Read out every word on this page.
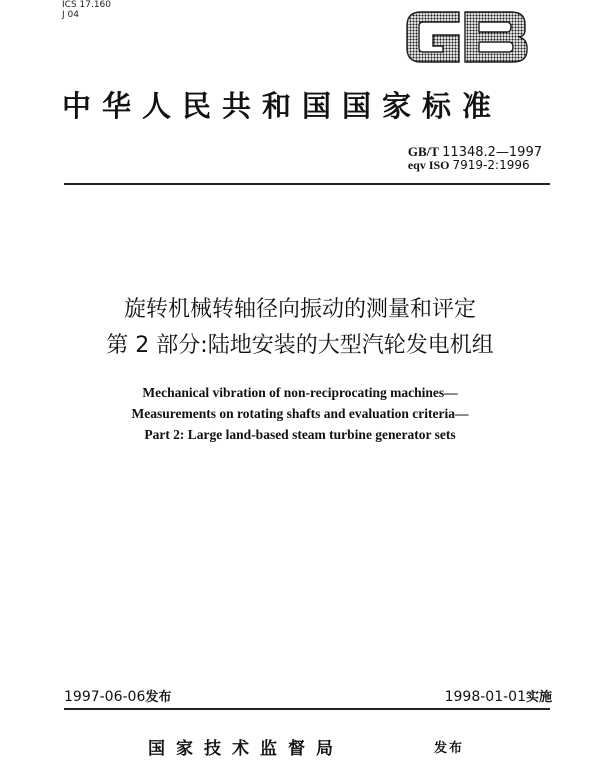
ICS 17.160
J 04
GB
中华人民共和国国家标准
GB/T 11348.2—1997
eqv ISO 7919-2:1996
旋转机械转轴径向振动的测量和评定
第 2 部分:陆地安装的大型汽轮发电机组
Mechanical vibration of non-reciprocating machines—
Measurements on rotating shafts and evaluation criteria—
Part 2: Large land-based steam turbine generator sets
1997-06-06发布	1998-01-01实施
国家技术监督局	发布
